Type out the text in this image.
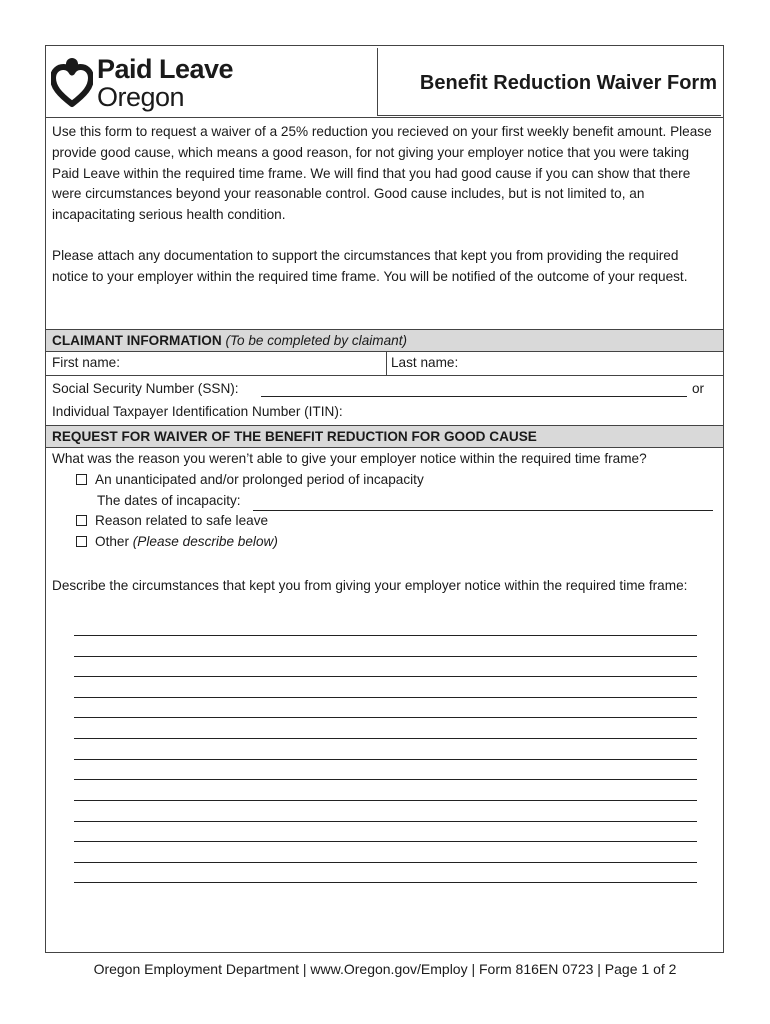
Paid Leave
Oregon	Benefit Reduction Waiver Form
Use this form to request a waiver of a 25% reduction you recieved on your first weekly benefit amount. Please provide good cause, which means a good reason, for not giving your employer notice that you were taking Paid Leave within the required time frame. We will find that you had good cause if you can show that there were circumstances beyond your reasonable control. Good cause includes, but is not limited to, an incapacitating serious health condition.
Please attach any documentation to support the circumstances that kept you from providing the required notice to your employer within the required time frame. You will be notified of the outcome of your request.
CLAIMANT INFORMATION (To be completed by claimant)
First name:	Last name:
Social Security Number (SSN):	or
Individual Taxpayer Identification Number (ITIN):
REQUEST FOR WAIVER OF THE BENEFIT REDUCTION FOR GOOD CAUSE
What was the reason you weren’t able to give your employer notice within the required time frame?
An unanticipated and/or prolonged period of incapacity
The dates of incapacity:
Reason related to safe leave
Other (Please describe below)
Describe the circumstances that kept you from giving your employer notice within the required time frame:
Oregon Employment Department | www.Oregon.gov/Employ | Form 816EN 0723 | Page 1 of 2
